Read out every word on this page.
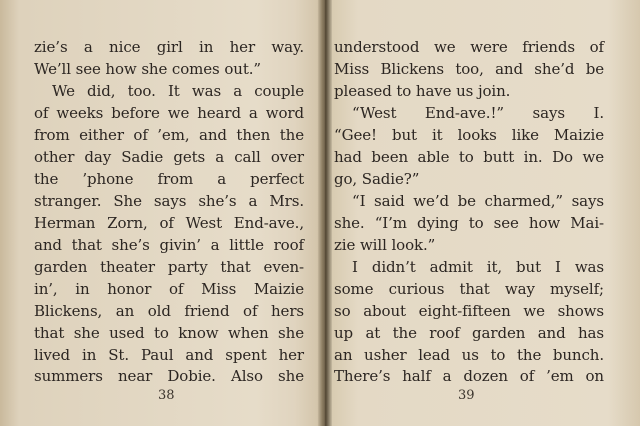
zie’s a nice girl in her way.
We’ll see how she comes out.”
We did, too. It was a couple
of weeks before we heard a word
from either of ’em, and then the
other day Sadie gets a call over
the ’phone from a perfect
stranger. She says she’s a Mrs.
Herman Zorn, of West End-ave.,
and that she’s givin’ a little roof
garden theater party that even-
in’, in honor of Miss Maizie
Blickens, an old friend of hers
that she used to know when she
lived in St. Paul and spent her
summers near Dobie. Also she
38
understood we were friends of
Miss Blickens too, and she’d be
pleased to have us join.
“West End-ave.!” says I.
“Gee! but it looks like Maizie
had been able to butt in. Do we
go, Sadie?”
“I said we’d be charmed,” says
she. “I’m dying to see how Mai-
zie will look.”
I didn’t admit it, but I was
some curious that way myself;
so about eight-fifteen we shows
up at the roof garden and has
an usher lead us to the bunch.
There’s half a dozen of ’em on
39
